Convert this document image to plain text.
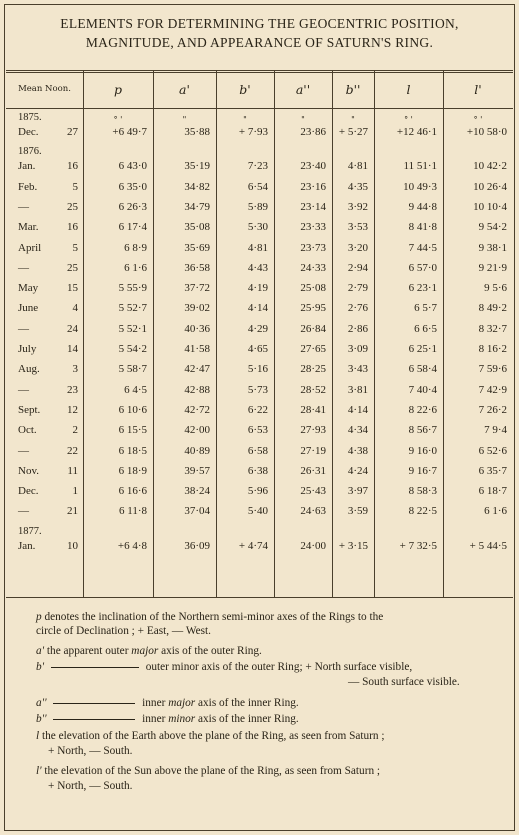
ELEMENTS FOR DETERMINING THE GEOCENTRIC POSITION,
MAGNITUDE, AND APPEARANCE OF SATURN'S RING.
Mean Noon.	p	a'	b'	a''	b''	l	l'
1875.	° '	"	"	"	"	° '	° '
Dec.	27	+6 49·7	35·88	+ 7·93	23·86	+ 5·27	+12 46·1	+10 58·0
1876.
Jan.	16	6 43·0	35·19	7·23	23·40	4·81	11 51·1	10 42·2
Feb.	5	6 35·0	34·82	6·54	23·16	4·35	10 49·3	10 26·4
—	25	6 26·3	34·79	5·89	23·14	3·92	9 44·8	10 10·4
Mar.	16	6 17·4	35·08	5·30	23·33	3·53	8 41·8	9 54·2
April	5	6 8·9	35·69	4·81	23·73	3·20	7 44·5	9 38·1
—	25	6 1·6	36·58	4·43	24·33	2·94	6 57·0	9 21·9
May	15	5 55·9	37·72	4·19	25·08	2·79	6 23·1	9 5·6
June	4	5 52·7	39·02	4·14	25·95	2·76	6 5·7	8 49·2
—	24	5 52·1	40·36	4·29	26·84	2·86	6 6·5	8 32·7
July	14	5 54·2	41·58	4·65	27·65	3·09	6 25·1	8 16·2
Aug.	3	5 58·7	42·47	5·16	28·25	3·43	6 58·4	7 59·6
—	23	6 4·5	42·88	5·73	28·52	3·81	7 40·4	7 42·9
Sept.	12	6 10·6	42·72	6·22	28·41	4·14	8 22·6	7 26·2
Oct.	2	6 15·5	42·00	6·53	27·93	4·34	8 56·7	7 9·4
—	22	6 18·5	40·89	6·58	27·19	4·38	9 16·0	6 52·6
Nov.	11	6 18·9	39·57	6·38	26·31	4·24	9 16·7	6 35·7
Dec.	1	6 16·6	38·24	5·96	25·43	3·97	8 58·3	6 18·7
—	21	6 11·8	37·04	5·40	24·63	3·59	8 22·5	6 1·6
1877.
Jan.	10	+6 4·8	36·09	+ 4·74	24·00	+ 3·15	+ 7 32·5	+ 5 44·5
p denotes the inclination of the Northern semi-minor axes of the Rings to the
circle of Declination ; + East, — West.
a' the apparent outer major axis of the outer Ring.
b'	outer minor axis of the outer Ring; + North surface visible,
— South surface visible.
a''	inner major axis of the inner Ring.
b''	inner minor axis of the inner Ring.
l the elevation of the Earth above the plane of the Ring, as seen from Saturn ;
+ North, — South.
l' the elevation of the Sun above the plane of the Ring, as seen from Saturn ;
+ North, — South.
